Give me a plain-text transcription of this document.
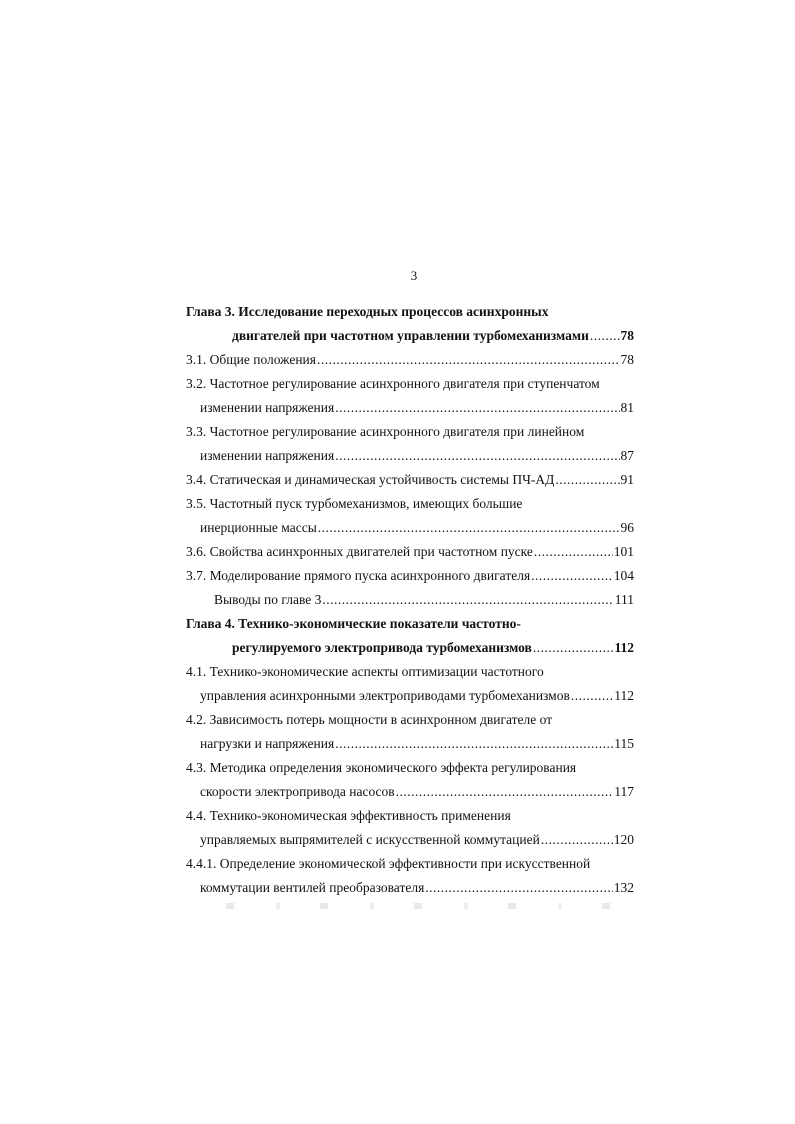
3
Глава 3. Исследование переходных процессов асинхронных
двигателей при частотном управлении турбомеханизмами ..... 78
3.1. Общие положения .....	78
3.2. Частотное регулирование асинхронного двигателя при ступенчатом
изменении напряжения .....	81
3.3. Частотное регулирование асинхронного двигателя при линейном
изменении напряжения .....	87
3.4. Статическая и динамическая устойчивость системы ПЧ-АД .....	91
3.5. Частотный пуск турбомеханизмов, имеющих большие
инерционные массы .....	96
3.6. Свойства асинхронных двигателей при частотном пуске .....	101
3.7. Моделирование прямого пуска асинхронного двигателя .....	104
Выводы по главе 3 .....	111
Глава 4. Технико-экономические показатели частотно-
регулируемого электропривода турбомеханизмов .....	112
4.1. Технико-экономические аспекты оптимизации частотного
управления асинхронными электроприводами турбомеханизмов .....	112
4.2. Зависимость потерь мощности в асинхронном двигателе от
нагрузки и напряжения .....	115
4.3. Методика определения экономического эффекта регулирования
скорости электропривода насосов .....	117
4.4. Технико-экономическая эффективность применения
управляемых выпрямителей с искусственной коммутацией .....	120
4.4.1. Определение экономической эффективности при искусственной
коммутации вентилей преобразователя .....	132
